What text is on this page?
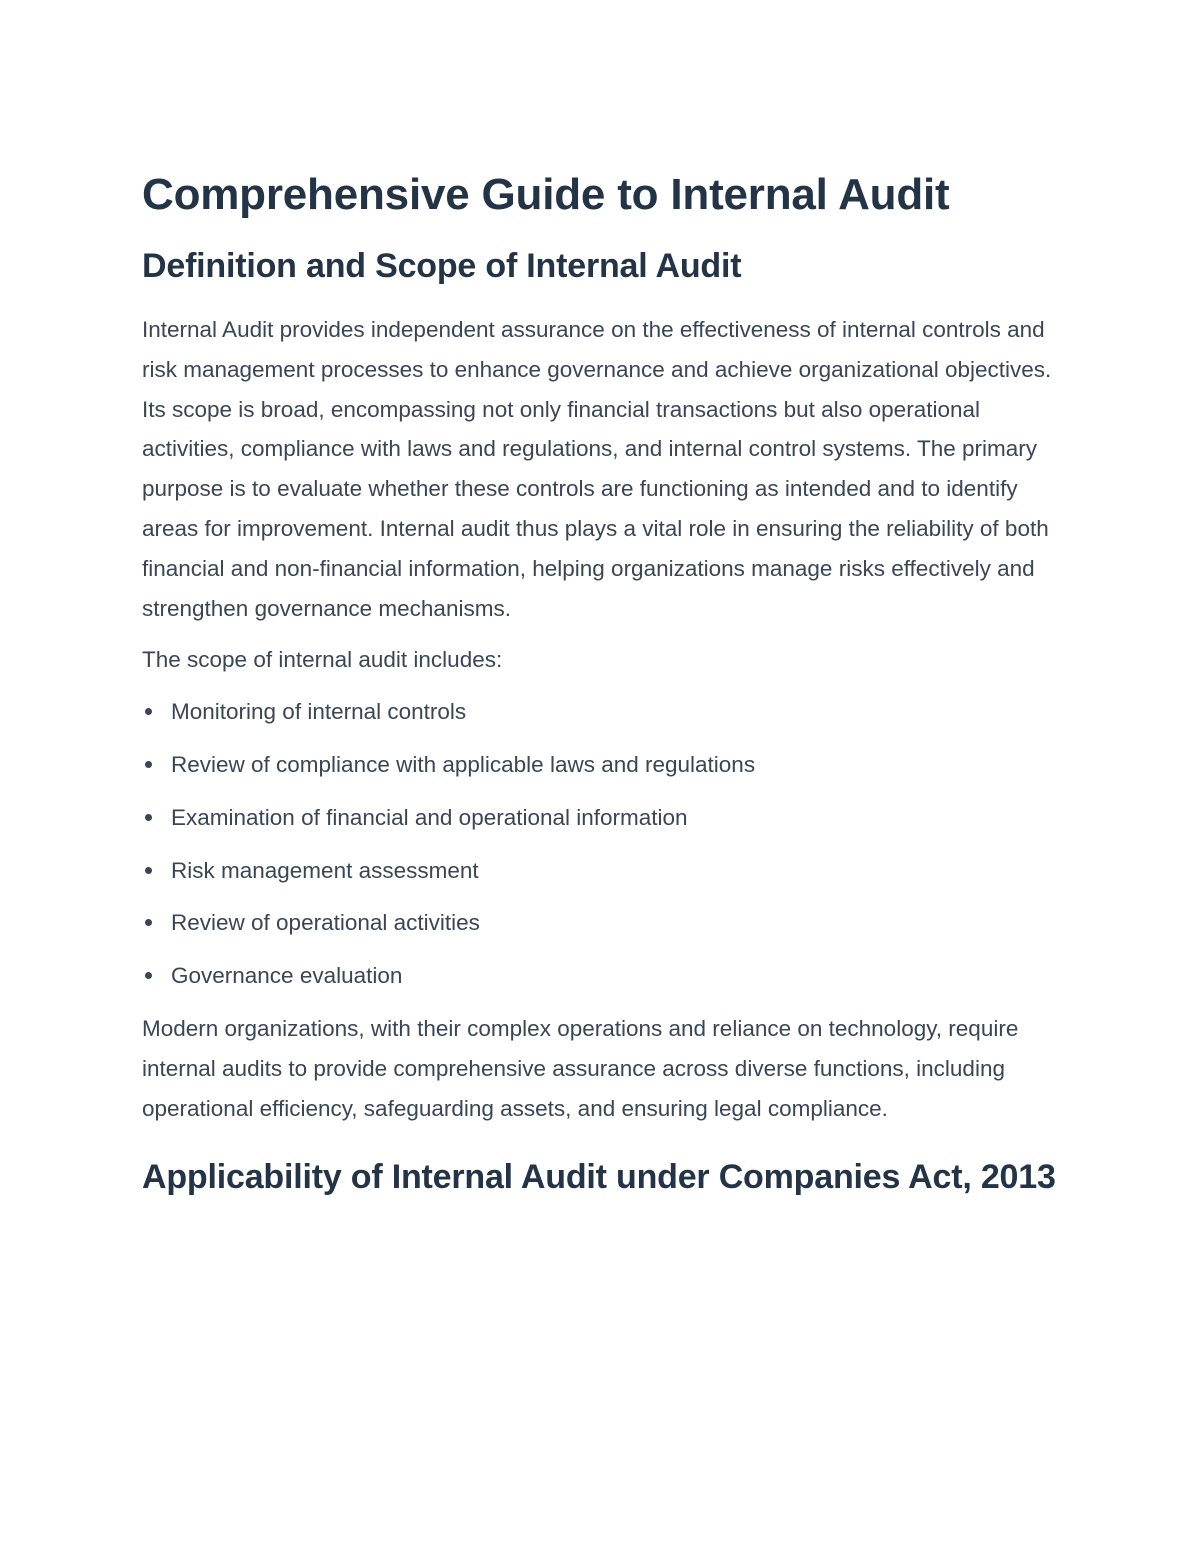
Comprehensive Guide to Internal Audit
Definition and Scope of Internal Audit

Internal Audit provides independent assurance on the effectiveness of internal controls and risk management processes to enhance governance and achieve organizational objectives. Its scope is broad, encompassing not only financial transactions but also operational activities, compliance with laws and regulations, and internal control systems. The primary purpose is to evaluate whether these controls are functioning as intended and to identify areas for improvement. Internal audit thus plays a vital role in ensuring the reliability of both financial and non-financial information, helping organizations manage risks effectively and strengthen governance mechanisms.

The scope of internal audit includes:

Monitoring of internal controls
Review of compliance with applicable laws and regulations
Examination of financial and operational information
Risk management assessment
Review of operational activities
Governance evaluation

Modern organizations, with their complex operations and reliance on technology, require internal audits to provide comprehensive assurance across diverse functions, including operational efficiency, safeguarding assets, and ensuring legal compliance.

Applicability of Internal Audit under Companies Act, 2013
